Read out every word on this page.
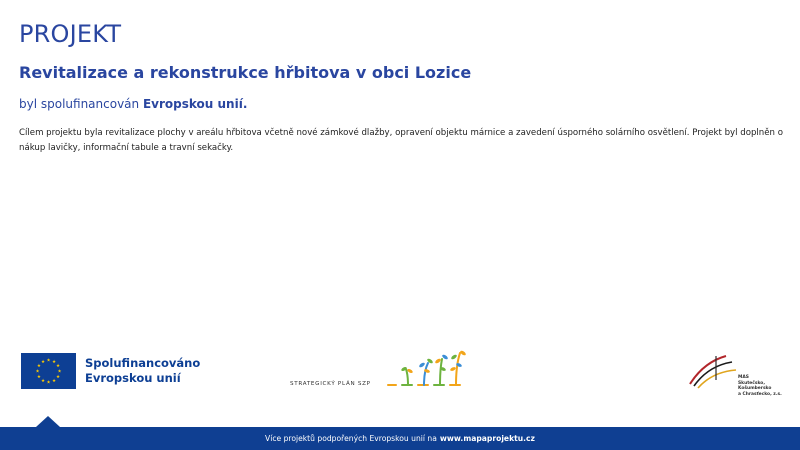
PROJEKT
Revitalizace a rekonstrukce hřbitova v obci Lozice
byl spolufinancován Evropskou unií.
Cílem projektu byla revitalizace plochy v areálu hřbitova včetně nové zámkové dlažby, opravení objektu márnice a zavedení úsporného solárního osvětlení. Projekt byl doplněn o nákup lavičky, informační tabule a travní sekačky.
★ ★
★
★
★
★
★
★
★
★
★
★	Spolufinancováno
Evropskou unií	STRATEGICKÝ PLÁN SZP
MAS
Skutečsko, Košumbersko
a Chrasťecko, z.s.
Více projektů podpořených Evropskou unií na www.mapaprojektu.cz
